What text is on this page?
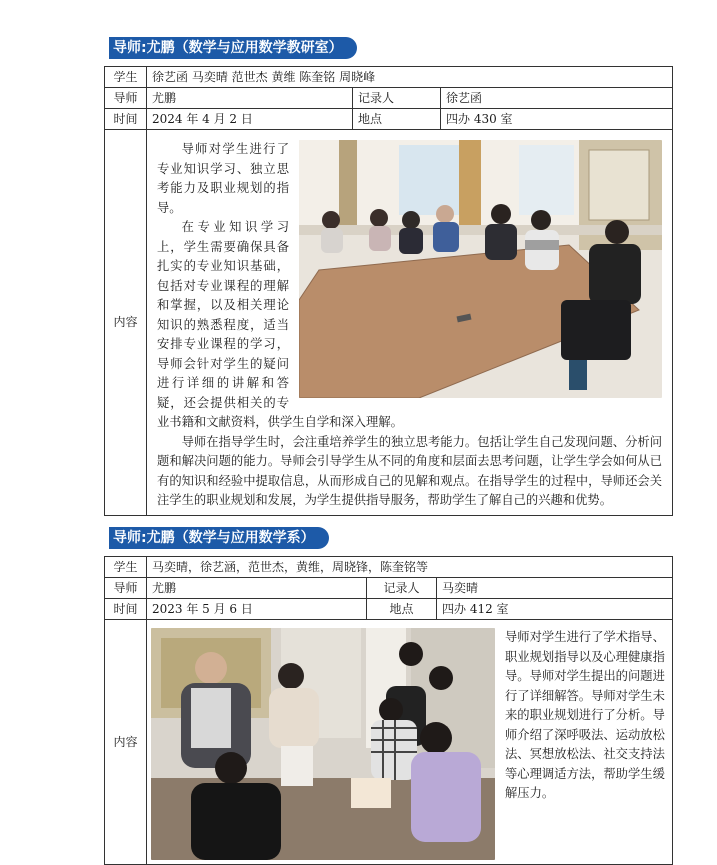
导师:尤鹏（数学与应用数学教研室）
学生	徐艺函 马奕晴 范世杰 黄维 陈奎铭 周晓峰		
导师	尤鹏	记录人	徐艺函
时间	2024 年 4 月 2 日	地点	四办 430 室
内容	导师对学生进行了专业知识学习、独立思考能力及职业规划的指导。

在专业知识学习上，学生需要确保具备扎实的专业知识基础，包括对专业课程的理解和掌握，以及相关理论知识的熟悉程度，适当安排专业课程的学习，导师会针对学生的疑问进行详细的讲解和答疑，还会提供相关的专业书籍和文献资料，供学生自学和深入理解。

导师在指导学生时，会注重培养学生的独立思考能力。包括让学生自己发现问题、分析问题和解决问题的能力。导师会引导学生从不同的角度和层面去思考问题，让学生学会如何从已有的知识和经验中提取信息，从而形成自己的见解和观点。在指导学生的过程中，导师还会关注学生的职业规划和发展，为学生提供指导服务，帮助学生了解自己的兴趣和优势。		

导师:尤鹏（数学与应用数学系）
学生	马奕晴，徐艺涵，范世杰，黄维，周晓锋，陈奎铭等		
导师	尤鹏	记录人	马奕晴
时间	2023 年 5 月 6 日	地点	四办 412 室
内容	导师对学生进行了学术指导、职业规划指导以及心理健康指导。导师对学生提出的问题进行了详细解答。导师对学生未来的职业规划进行了分析。导师介绍了深呼吸法、运动放松法、冥想放松法、社交支持法等心理调适方法，帮助学生缓解压力。		
